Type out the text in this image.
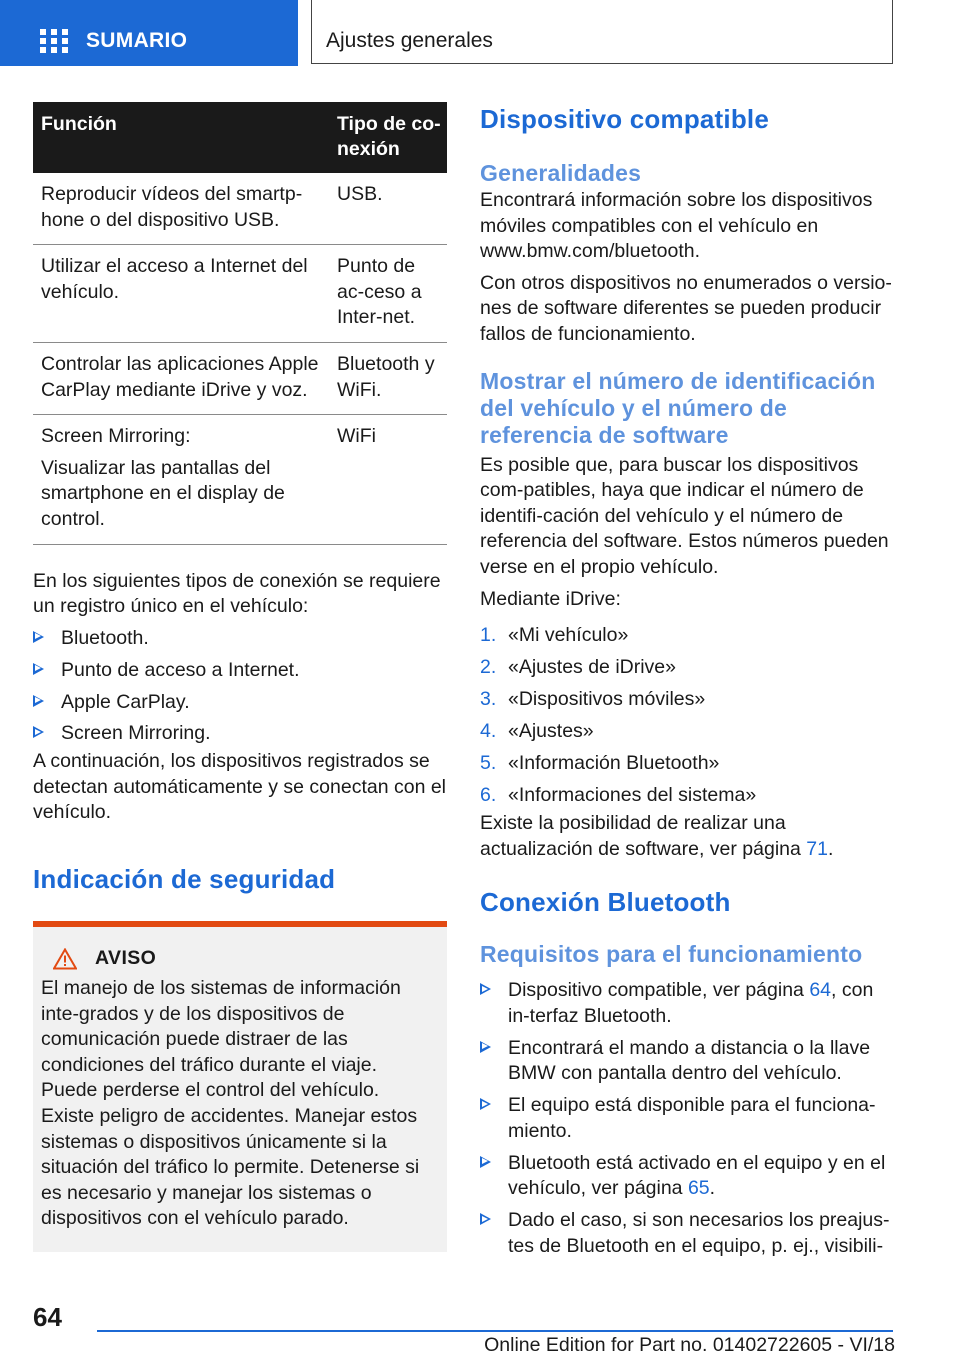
SUMARIO	Ajustes generales
Función	Tipo de co-
nexión

Reproducir vídeos del smartp-hone o del dispositivo USB.	USB.

Utilizar el acceso a Internet del vehículo.	Punto de ac-ceso a Inter-net.

Controlar las aplicaciones Apple CarPlay mediante iDrive y voz.	Bluetooth y WiFi.

Screen Mirroring:

Visualizar las pantallas del smartphone en el display de control.	WiFi

En los siguientes tipos de conexión se requiere un registro único en el vehículo:

Bluetooth.
Punto de acceso a Internet.
Apple CarPlay.
Screen Mirroring.

A continuación, los dispositivos registrados se detectan automáticamente y se conectan con el vehículo.

Indicación de seguridad
AVISO

El manejo de los sistemas de información inte-grados y de los dispositivos de comunicación puede distraer de las condiciones del tráfico durante el viaje. Puede perderse el control del vehículo. Existe peligro de accidentes. Manejar estos sistemas o dispositivos únicamente si la situación del tráfico lo permite. Detenerse si es necesario y manejar los sistemas o dispositivos con el vehículo parado.

Dispositivo compatible
Generalidades

Encontrará información sobre los dispositivos móviles compatibles con el vehículo en www.bmw.com/bluetooth.

Con otros dispositivos no enumerados o versio-nes de software diferentes se pueden producir fallos de funcionamiento.

Mostrar el número de identificación del vehículo y el número de referencia de software

Es posible que, para buscar los dispositivos com-patibles, haya que indicar el número de identifi-cación del vehículo y el número de referencia del software. Estos números pueden verse en el propio vehículo.

Mediante iDrive:

1. «Mi vehículo»
2. «Ajustes de iDrive»
3. «Dispositivos móviles»
4. «Ajustes»
5. «Información Bluetooth»
6. «Informaciones del sistema»

Existe la posibilidad de realizar una actualización de software, ver página 71.

Conexión Bluetooth
Requisitos para el funcionamiento
Dispositivo compatible, ver página 64, con in-terfaz Bluetooth.
Encontrará el mando a distancia o la llave BMW con pantalla dentro del vehículo.
El equipo está disponible para el funciona-miento.
Bluetooth está activado en el equipo y en el vehículo, ver página 65.
Dado el caso, si son necesarios los preajus-tes de Bluetooth en el equipo, p. ej., visibili-
64
Online Edition for Part no. 01402722605 - VI/18
